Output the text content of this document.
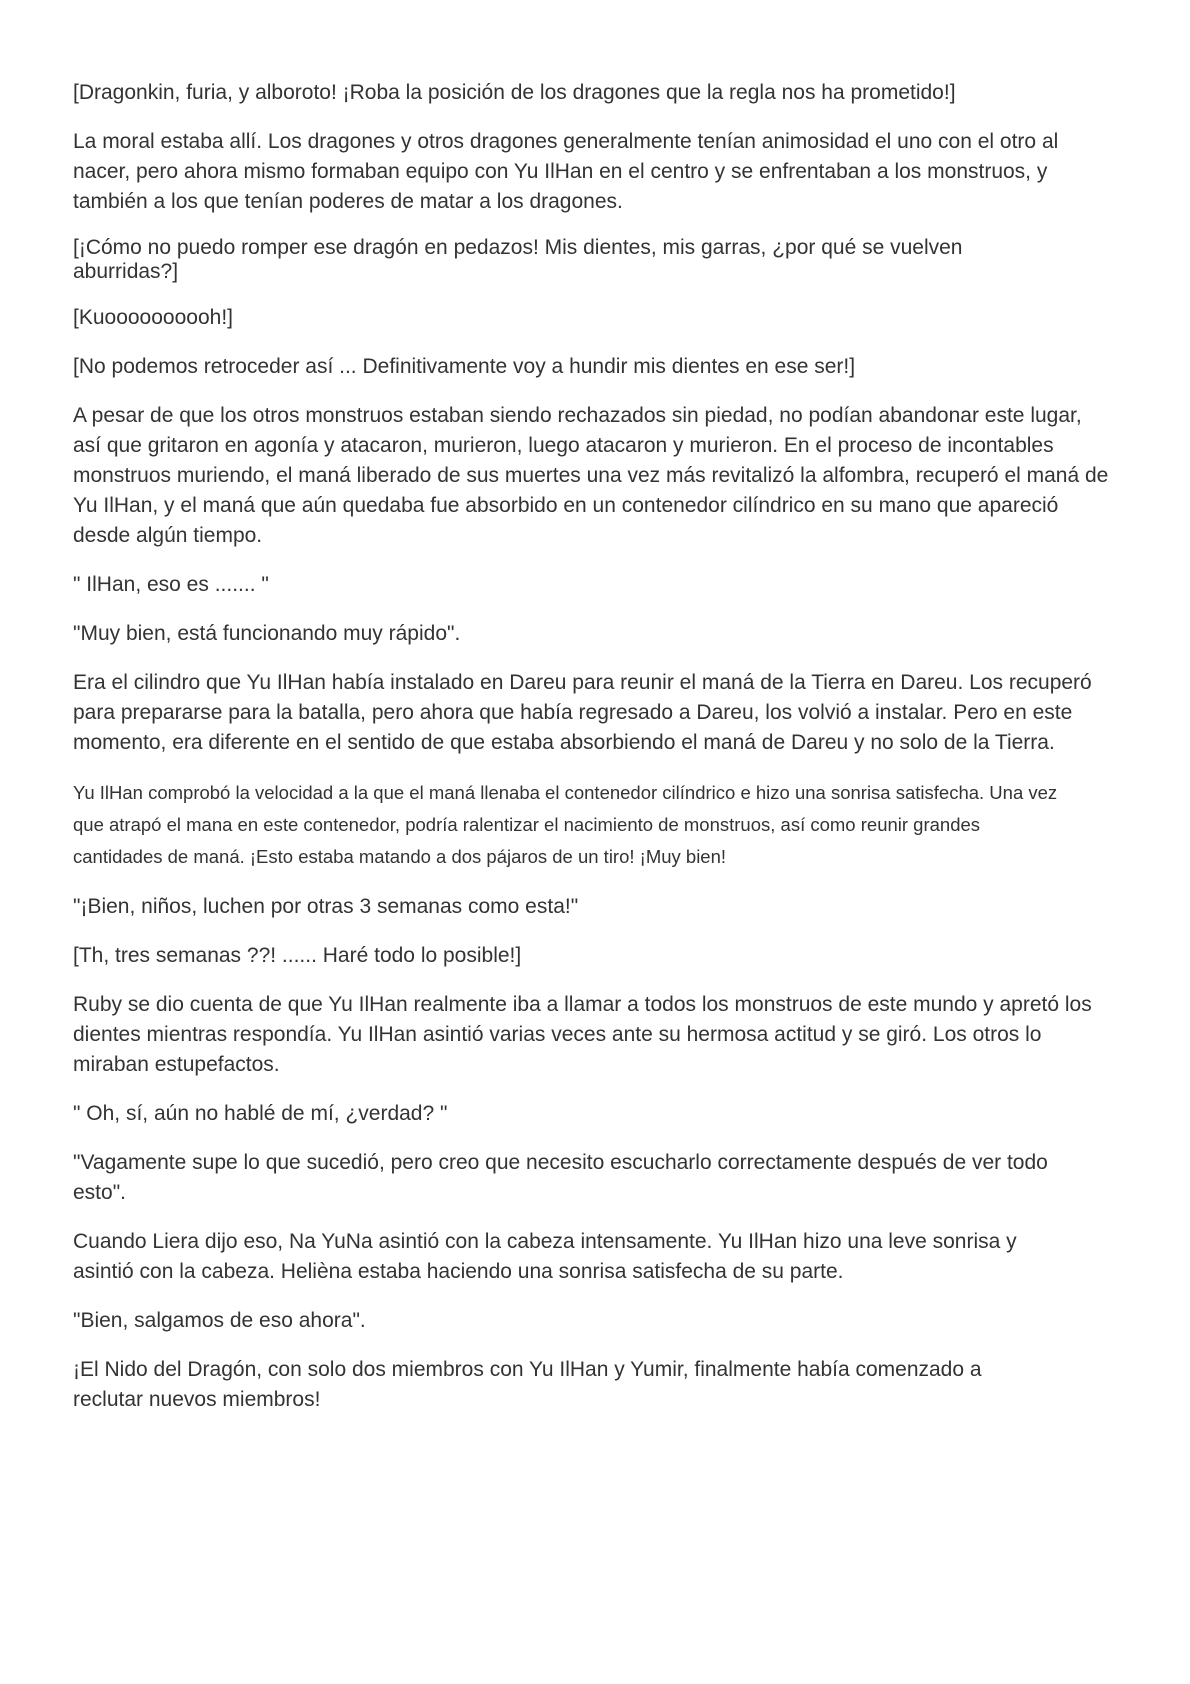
[Dragonkin, furia, y alboroto! ¡Roba la posición de los dragones que la regla nos ha prometido!]

La moral estaba allí. Los dragones y otros dragones generalmente tenían animosidad el uno con el otro al nacer, pero ahora mismo formaban equipo con Yu IlHan en el centro y se enfrentaban a los monstruos, y también a los que tenían poderes de matar a los dragones.

[¡Cómo no puedo romper ese dragón en pedazos! Mis dientes, mis garras, ¿por qué se vuelven aburridas?]

[Kuoooooooooh!]

[No podemos retroceder así ... Definitivamente voy a hundir mis dientes en ese ser!]

A pesar de que los otros monstruos estaban siendo rechazados sin piedad, no podían abandonar este lugar, así que gritaron en agonía y atacaron, murieron, luego atacaron y murieron. En el proceso de incontables monstruos muriendo, el maná liberado de sus muertes una vez más revitalizó la alfombra, recuperó el maná de Yu IlHan, y el maná que aún quedaba fue absorbido en un contenedor cilíndrico en su mano que apareció desde algún tiempo.

" IlHan, eso es ....... "

"Muy bien, está funcionando muy rápido".

Era el cilindro que Yu IlHan había instalado en Dareu para reunir el maná de la Tierra en Dareu. Los recuperó para prepararse para la batalla, pero ahora que había regresado a Dareu, los volvió a instalar. Pero en este momento, era diferente en el sentido de que estaba absorbiendo el maná de Dareu y no solo de la Tierra.

Yu IlHan comprobó la velocidad a la que el maná llenaba el contenedor cilíndrico e hizo una sonrisa satisfecha. Una vez que atrapó el mana en este contenedor, podría ralentizar el nacimiento de monstruos, así como reunir grandes cantidades de maná. ¡Esto estaba matando a dos pájaros de un tiro! ¡Muy bien!

"¡Bien, niños, luchen por otras 3 semanas como esta!"

[Th, tres semanas ??! ...... Haré todo lo posible!]

Ruby se dio cuenta de que Yu IlHan realmente iba a llamar a todos los monstruos de este mundo y apretó los dientes mientras respondía. Yu IlHan asintió varias veces ante su hermosa actitud y se giró. Los otros lo miraban estupefactos.

" Oh, sí, aún no hablé de mí, ¿verdad? "

"Vagamente supe lo que sucedió, pero creo que necesito escucharlo correctamente después de ver todo esto".

Cuando Liera dijo eso, Na YuNa asintió con la cabeza intensamente. Yu IlHan hizo una leve sonrisa y asintió con la cabeza. Helièna estaba haciendo una sonrisa satisfecha de su parte.

"Bien, salgamos de eso ahora".

¡El Nido del Dragón, con solo dos miembros con Yu IlHan y Yumir, finalmente había comenzado a reclutar nuevos miembros!
